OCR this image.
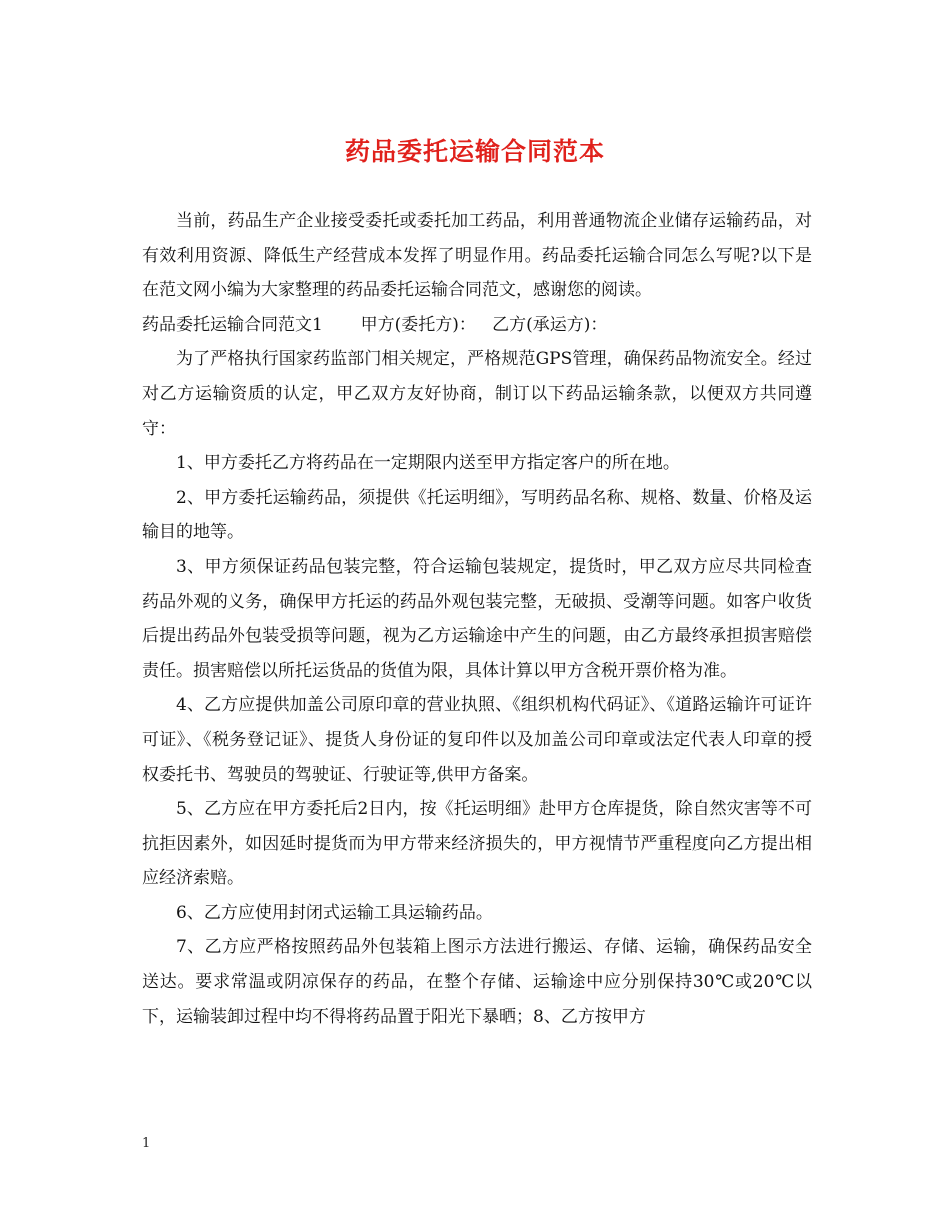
药品委托运输合同范本

当前，药品生产企业接受委托或委托加工药品，利用普通物流企业储存运输药品，对有效利用资源、降低生产经营成本发挥了明显作用。药品委托运输合同怎么写呢?以下是在范文网小编为大家整理的药品委托运输合同范文，感谢您的阅读。

药品委托运输合同范文1 甲方(委托方)： 乙方(承运方)：

为了严格执行国家药监部门相关规定，严格规范GPS管理，确保药品物流安全。经过对乙方运输资质的认定，甲乙双方友好协商，制订以下药品运输条款，以便双方共同遵守：

1、甲方委托乙方将药品在一定期限内送至甲方指定客户的所在地。

2、甲方委托运输药品，须提供《托运明细》，写明药品名称、规格、数量、价格及运输目的地等。

3、甲方须保证药品包装完整，符合运输包装规定，提货时，甲乙双方应尽共同检查药品外观的义务，确保甲方托运的药品外观包装完整，无破损、受潮等问题。如客户收货后提出药品外包装受损等问题，视为乙方运输途中产生的问题，由乙方最终承担损害赔偿责任。损害赔偿以所托运货品的货值为限，具体计算以甲方含税开票价格为准。

4、乙方应提供加盖公司原印章的营业执照、《组织机构代码证》、《道路运输许可证许可证》、《税务登记证》、提货人身份证的复印件以及加盖公司印章或法定代表人印章的授权委托书、驾驶员的驾驶证、行驶证等,供甲方备案。

5、乙方应在甲方委托后2日内，按《托运明细》赴甲方仓库提货，除自然灾害等不可抗拒因素外，如因延时提货而为甲方带来经济损失的，甲方视情节严重程度向乙方提出相应经济索赔。

6、乙方应使用封闭式运输工具运输药品。

7、乙方应严格按照药品外包装箱上图示方法进行搬运、存储、运输，确保药品安全送达。要求常温或阴凉保存的药品，在整个存储、运输途中应分别保持30℃或20℃以下，运输装卸过程中均不得将药品置于阳光下暴晒；8、乙方按甲方

1
